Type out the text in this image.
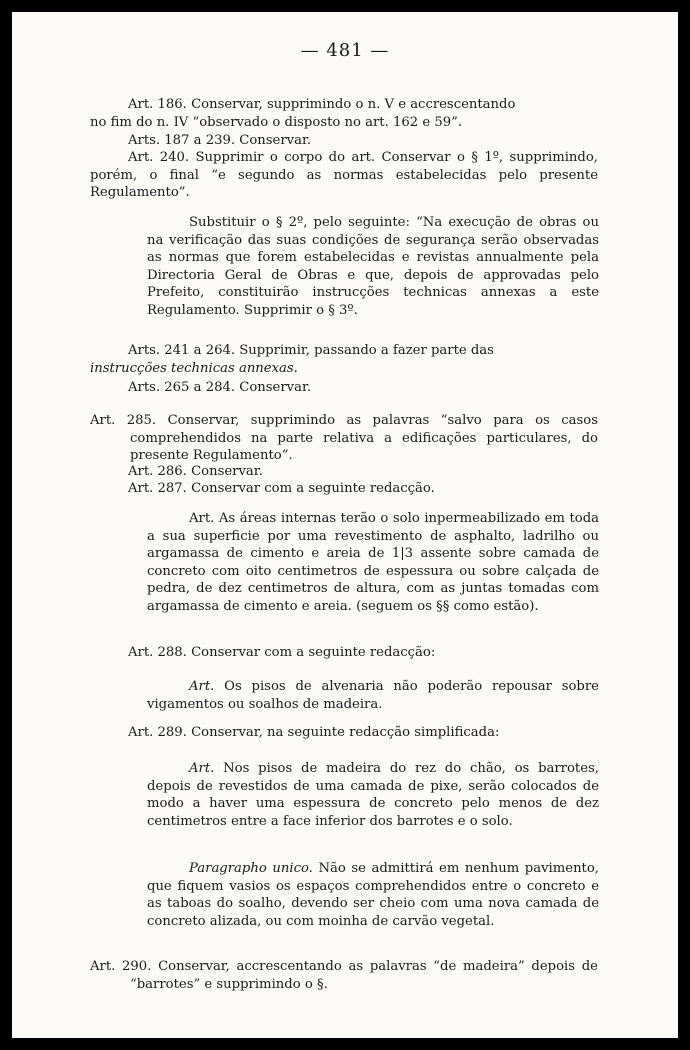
— 481 —

Art. 186. Conservar, supprimindo o n. V e accrescentando

no fim do n. IV “observado o disposto no art. 162 e 59”.

Arts. 187 a 239. Conservar.

Art. 240. Supprimir o corpo do art. Conservar o § 1º, supprimindo, porém, o final “e segundo as normas estabelecidas pelo presente Regulamento”.

Substituir o § 2º, pelo seguinte: “Na execução de obras ou na verificação das suas condições de segurança serão observadas as normas que forem estabelecidas e revistas annualmente pela Directoria Geral de Obras e que, depois de approvadas pelo Prefeito, constituirão instrucções technicas annexas a este Regulamento. Supprimir o § 3º.

Arts. 241 a 264. Supprimir, passando a fazer parte das

instrucções technicas annexas.

Arts. 265 a 284. Conservar.

Art. 285. Conservar, supprimindo as palavras “salvo para os casos comprehendidos na parte relativa a edificações particulares, do presente Regulamento”.

Art. 286. Conservar.

Art. 287. Conservar com a seguinte redacção.

Art. As áreas internas terão o solo inpermeabilizado em toda a sua superficie por uma revestimento de asphalto, ladrilho ou argamassa de cimento e areia de 1|3 assente sobre camada de concreto com oito centimetros de espessura ou sobre calçada de pedra, de dez centimetros de altura, com as juntas tomadas com argamassa de cimento e areia. (seguem os §§ como estão).

Art. 288. Conservar com a seguinte redacção:

Art. Os pisos de alvenaria não poderão repousar sobre vigamentos ou soalhos de madeira.

Art. 289. Conservar, na seguinte redacção simplificada:

Art. Nos pisos de madeira do rez do chão, os barrotes, depois de revestidos de uma camada de pixe, serão colocados de modo a haver uma espessura de concreto pelo menos de dez centimetros entre a face inferior dos barrotes e o solo.

Paragrapho unico. Não se admittirá em nenhum pavimento, que fiquem vasios os espaços comprehendidos entre o concreto e as taboas do soalho, devendo ser cheio com uma nova camada de concreto alizada, ou com moinha de carvão vegetal.

Art. 290. Conservar, accrescentando as palavras “de madeira” depois de “barrotes” e supprimindo o §.
